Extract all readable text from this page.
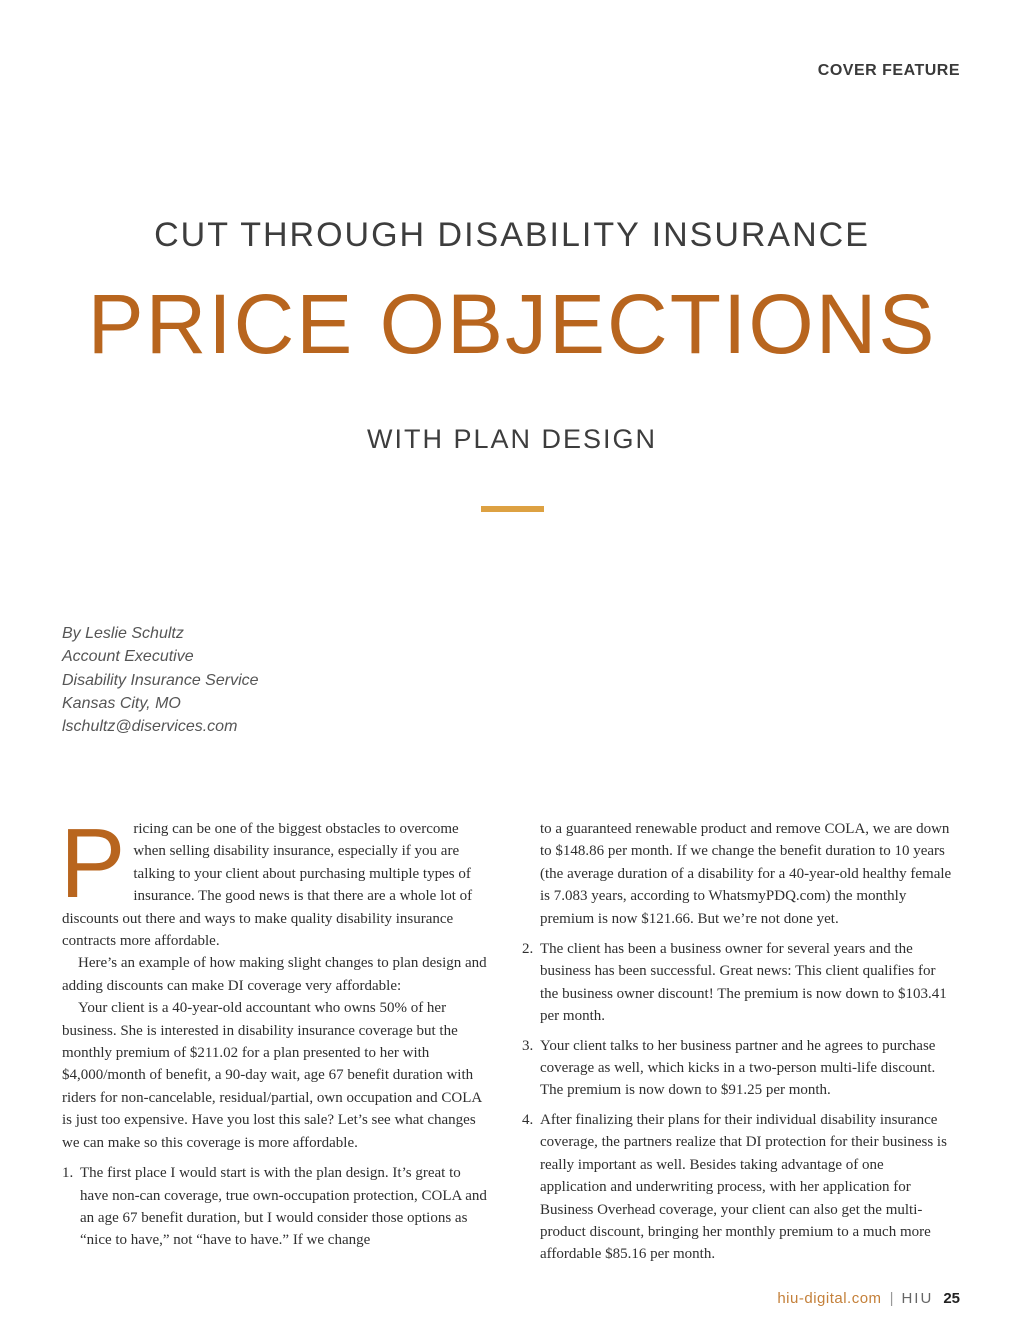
COVER FEATURE
CUT THROUGH DISABILITY INSURANCE
PRICE OBJECTIONS
WITH PLAN DESIGN
By Leslie Schultz
Account Executive
Disability Insurance Service
Kansas City, MO
lschultz@diservices.com

Pricing can be one of the biggest obstacles to overcome when selling disability insurance, especially if you are talking to your client about purchasing multiple types of insurance. The good news is that there are a whole lot of discounts out there and ways to make quality disability insurance contracts more affordable.

Here’s an example of how making slight changes to plan design and adding discounts can make DI coverage very affordable:

Your client is a 40-year-old accountant who owns 50% of her business. She is interested in disability insurance coverage but the monthly premium of $211.02 for a plan presented to her with $4,000/month of benefit, a 90-day wait, age 67 benefit duration with riders for non-cancelable, residual/partial, own occupation and COLA is just too expensive. Have you lost this sale? Let’s see what changes we can make so this coverage is more affordable.

1. The first place I would start is with the plan design. It’s great to have non-can coverage, true own-occupation protection, COLA and an age 67 benefit duration, but I would consider those options as “nice to have,” not “have to have.” If we change

to a guaranteed renewable product and remove COLA, we are down to $148.86 per month. If we change the benefit duration to 10 years (the average duration of a disability for a 40-year-old healthy female is 7.083 years, according to WhatsmyPDQ.com) the monthly premium is now $121.66. But we’re not done yet.

2. The client has been a business owner for several years and the business has been successful. Great news: This client qualifies for the business owner discount! The premium is now down to $103.41 per month.
3. Your client talks to her business partner and he agrees to purchase coverage as well, which kicks in a two-person multi-life discount. The premium is now down to $91.25 per month.
4. After finalizing their plans for their individual disability insurance coverage, the partners realize that DI protection for their business is really important as well. Besides taking advantage of one application and underwriting process, with her application for Business Overhead coverage, your client can also get the multi-product discount, bringing her monthly premium to a much more affordable $85.16 per month.
hiu-digital.com | HIU 25
